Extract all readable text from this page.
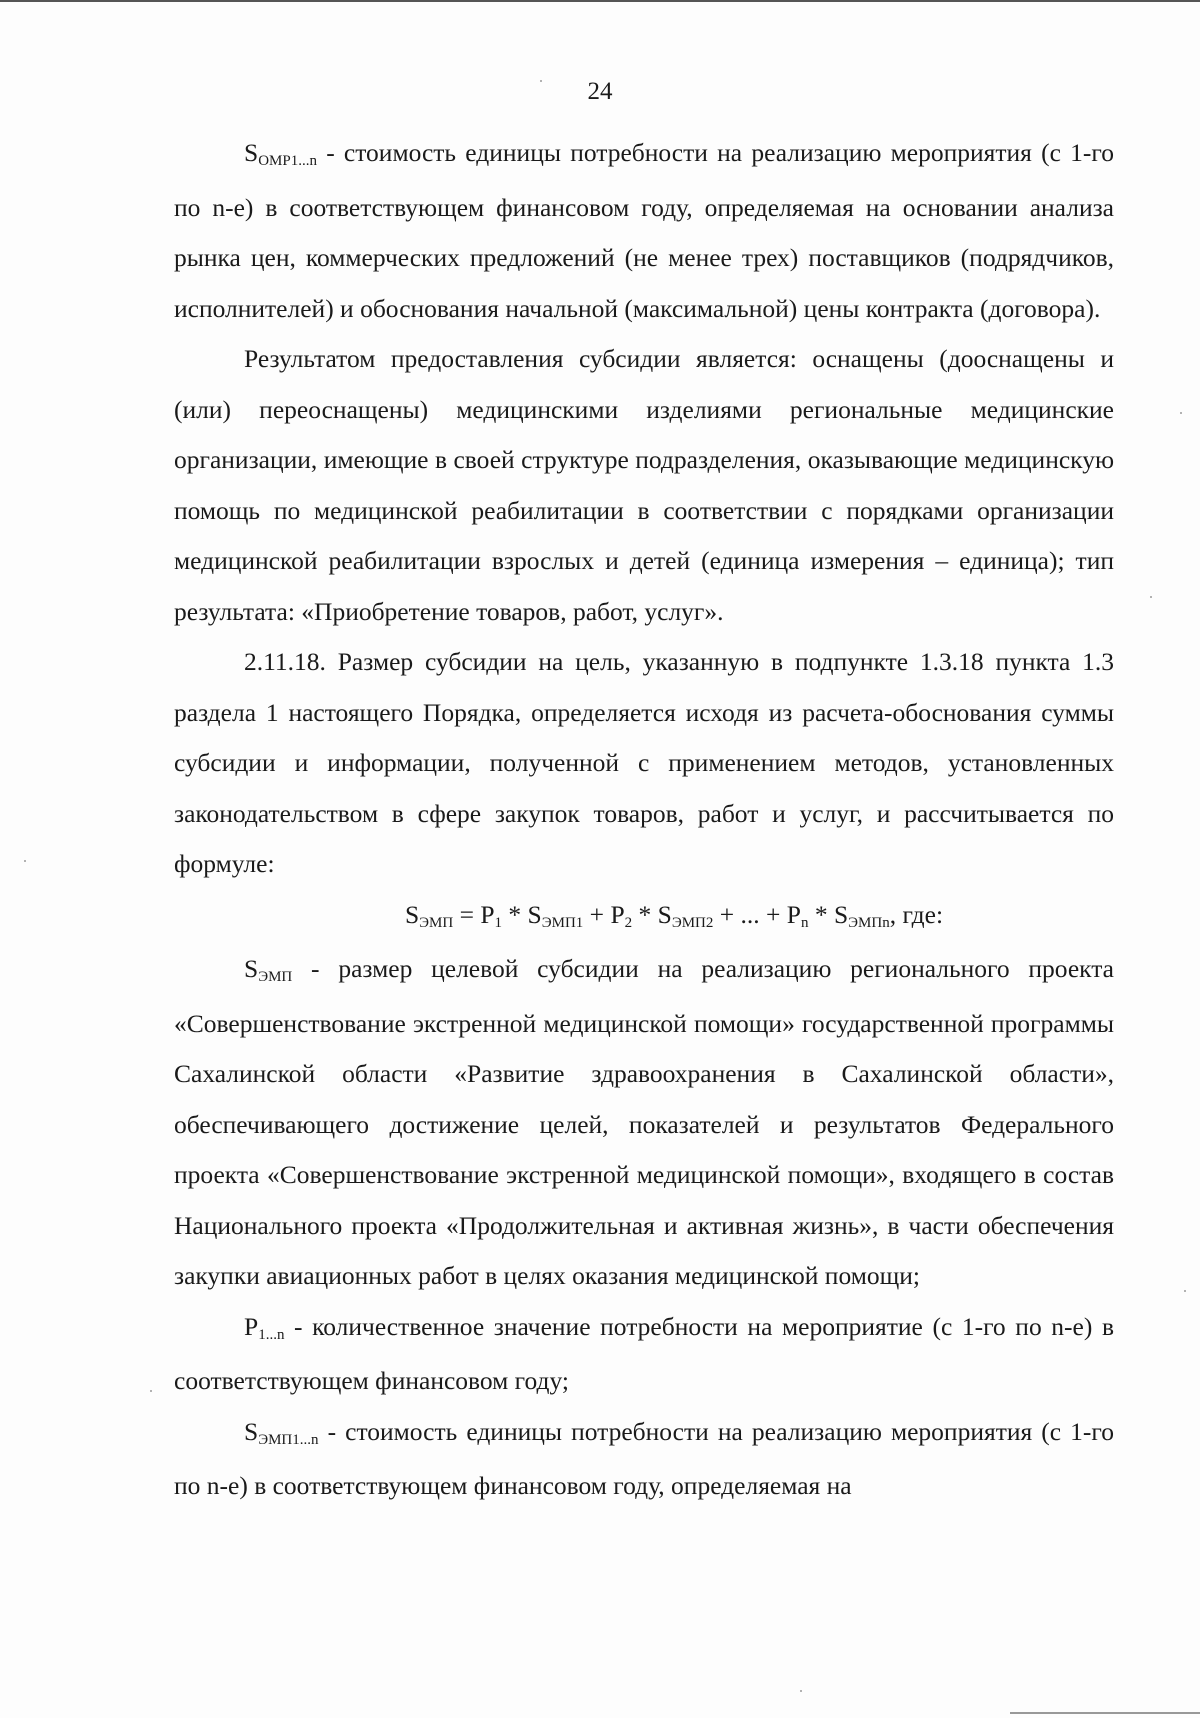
24

SOMP1...n - стоимость единицы потребности на реализацию мероприятия (с 1-го по n-е) в соответствующем финансовом году, определяемая на основании анализа рынка цен, коммерческих предложений (не менее трех) поставщиков (подрядчиков, исполнителей) и обоснования начальной (максимальной) цены контракта (договора).

Результатом предоставления субсидии является: оснащены (дооснащены и (или) переоснащены) медицинскими изделиями региональные медицинские организации, имеющие в своей структуре подразделения, оказывающие медицинскую помощь по медицинской реабилитации в соответствии с порядками организации медицинской реабилитации взрослых и детей (единица измерения – единица); тип результата: «Приобретение товаров, работ, услуг».

2.11.18. Размер субсидии на цель, указанную в подпункте 1.3.18 пункта 1.3 раздела 1 настоящего Порядка, определяется исходя из расчета-обоснования суммы субсидии и информации, полученной с применением методов, установленных законодательством в сфере закупок товаров, работ и услуг, и рассчитывается по формуле:

SЭМП = P1 * SЭМП1 + P2 * SЭМП2 + ... + Pn * SЭМПn, где:

SЭМП - размер целевой субсидии на реализацию регионального проекта «Совершенствование экстренной медицинской помощи» государственной программы Сахалинской области «Развитие здравоохранения в Сахалинской области», обеспечивающего достижение целей, показателей и результатов Федерального проекта «Совершенствование экстренной медицинской помощи», входящего в состав Национального проекта «Продолжительная и активная жизнь», в части обеспечения закупки авиационных работ в целях оказания медицинской помощи;

P1...n - количественное значение потребности на мероприятие (с 1-го по n-е) в соответствующем финансовом году;

SЭМП1...n - стоимость единицы потребности на реализацию мероприятия (с 1-го по n-е) в соответствующем финансовом году, определяемая на
